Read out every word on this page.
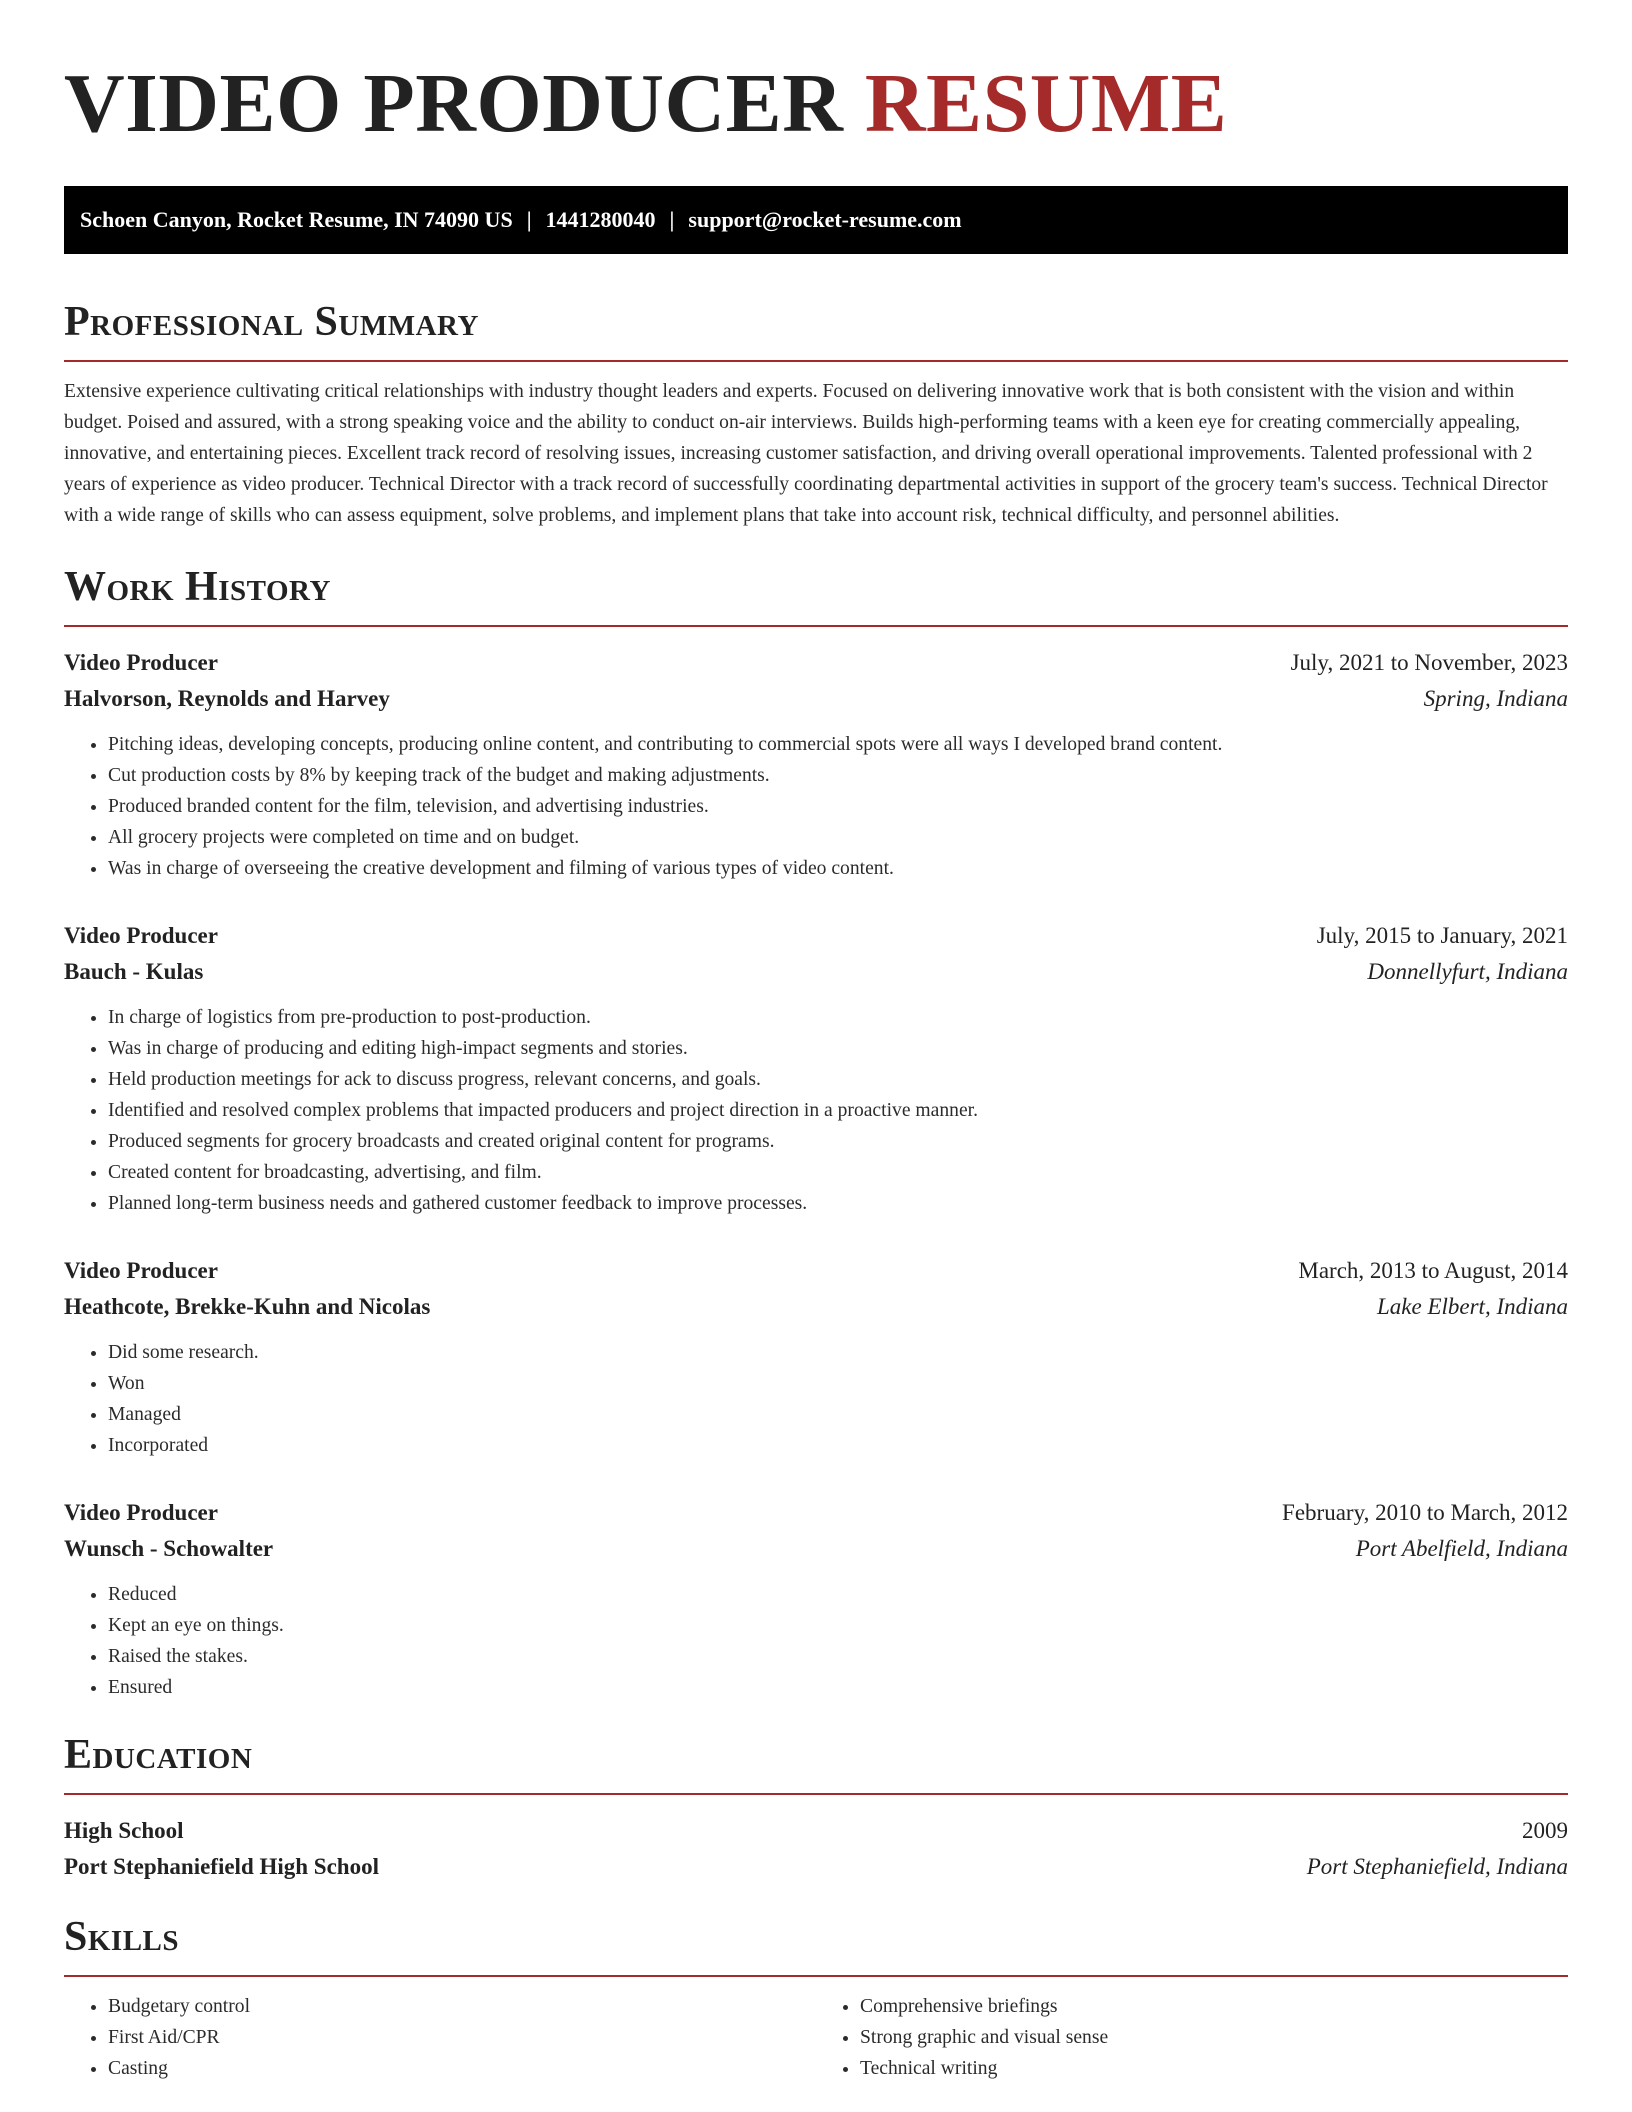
VIDEO PRODUCER RESUME
Schoen Canyon, Rocket Resume, IN 74090 US | 1441280040 | support@rocket-resume.com
Professional Summary

Extensive experience cultivating critical relationships with industry thought leaders and experts. Focused on delivering innovative work that is both consistent with the vision and within budget. Poised and assured, with a strong speaking voice and the ability to conduct on-air interviews. Builds high-performing teams with a keen eye for creating commercially appealing, innovative, and entertaining pieces. Excellent track record of resolving issues, increasing customer satisfaction, and driving overall operational improvements. Talented professional with 2 years of experience as video producer. Technical Director with a track record of successfully coordinating departmental activities in support of the grocery team's success. Technical Director with a wide range of skills who can assess equipment, solve problems, and implement plans that take into account risk, technical difficulty, and personnel abilities.

Work History
Video Producer	July, 2021 to November, 2023
Halvorson, Reynolds and Harvey	Spring, Indiana
• Pitching ideas, developing concepts, producing online content, and contributing to commercial spots were all ways I developed brand content.
• Cut production costs by 8% by keeping track of the budget and making adjustments.
• Produced branded content for the film, television, and advertising industries.
• All grocery projects were completed on time and on budget.
• Was in charge of overseeing the creative development and filming of various types of video content.
Video Producer	July, 2015 to January, 2021
Bauch - Kulas	Donnellyfurt, Indiana
• In charge of logistics from pre-production to post-production.
• Was in charge of producing and editing high-impact segments and stories.
• Held production meetings for ack to discuss progress, relevant concerns, and goals.
• Identified and resolved complex problems that impacted producers and project direction in a proactive manner.
• Produced segments for grocery broadcasts and created original content for programs.
• Created content for broadcasting, advertising, and film.
• Planned long-term business needs and gathered customer feedback to improve processes.
Video Producer	March, 2013 to August, 2014
Heathcote, Brekke-Kuhn and Nicolas	Lake Elbert, Indiana
• Did some research.
• Won
• Managed
• Incorporated
Video Producer	February, 2010 to March, 2012
Wunsch - Schowalter	Port Abelfield, Indiana
• Reduced
• Kept an eye on things.
• Raised the stakes.
• Ensured
Education
High School	2009
Port Stephaniefield High School	Port Stephaniefield, Indiana
Skills
• Budgetary control
• First Aid/CPR
• Casting
• Comprehensive briefings
• Strong graphic and visual sense
• Technical writing
